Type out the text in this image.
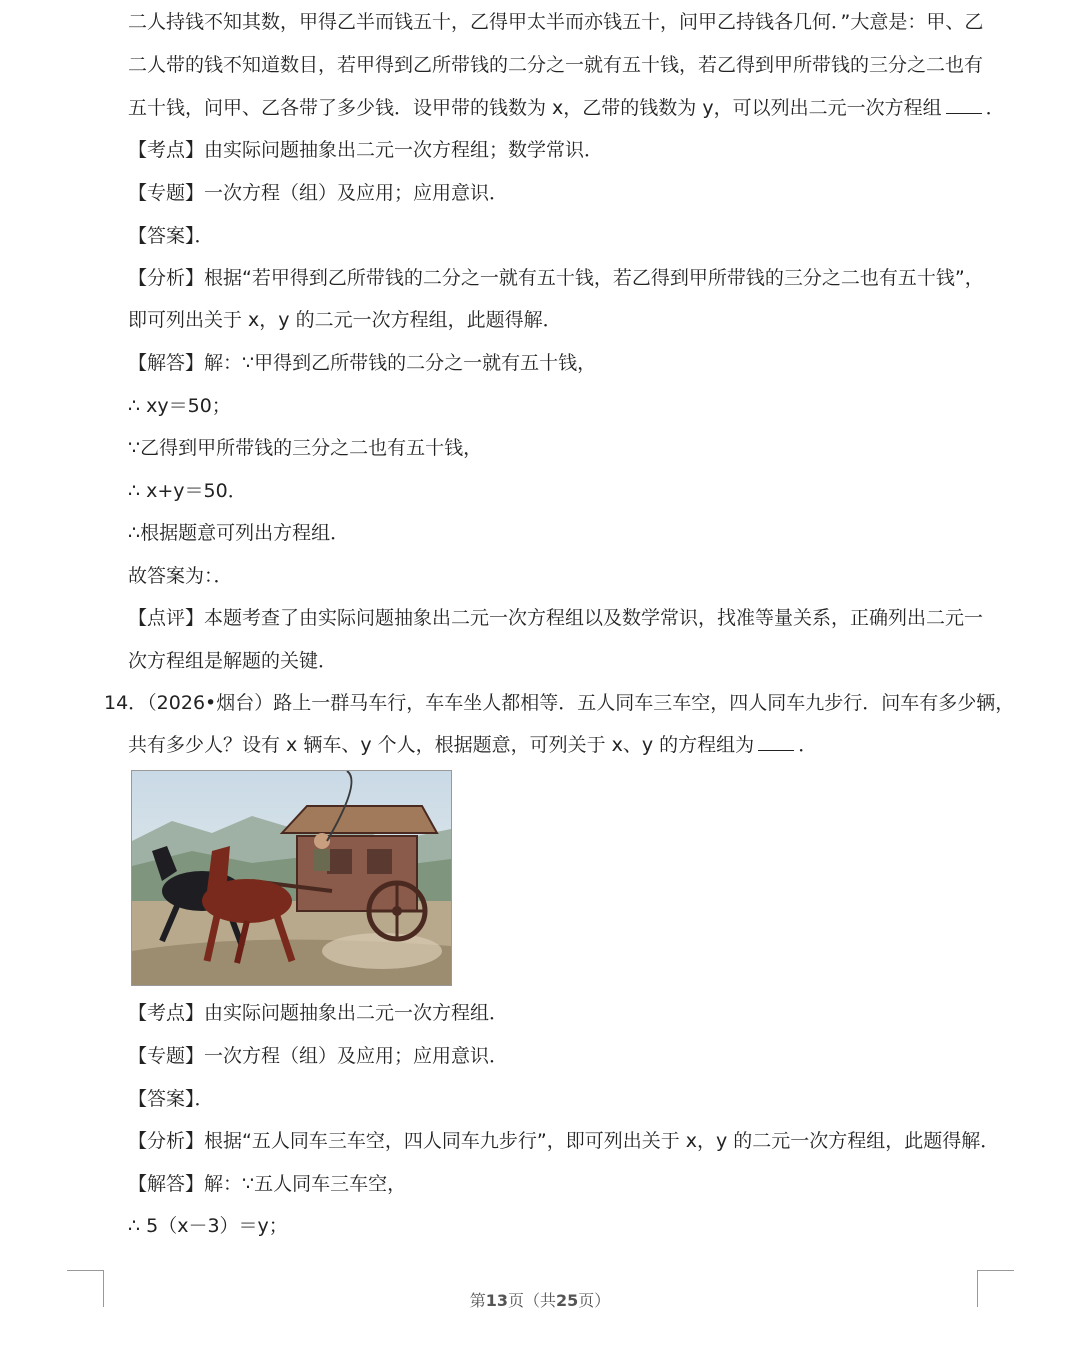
二人持钱不知其数，甲得乙半而钱五十，乙得甲太半而亦钱五十，问甲乙持钱各几何．”大意是：甲、乙
二人带的钱不知道数目，若甲得到乙所带钱的二分之一就有五十钱，若乙得到甲所带钱的三分之二也有
五十钱，问甲、乙各带了多少钱．设甲带的钱数为 x，乙带的钱数为 y，可以列出二元一次方程组 ．
【考点】由实际问题抽象出二元一次方程组；数学常识．
【专题】一次方程（组）及应用；应用意识．
【答案】．
【分析】根据“若甲得到乙所带钱的二分之一就有五十钱，若乙得到甲所带钱的三分之二也有五十钱”，
即可列出关于 x，y 的二元一次方程组，此题得解．
【解答】解：∵甲得到乙所带钱的二分之一就有五十钱，
∴ xy＝50；
∵乙得到甲所带钱的三分之二也有五十钱，
∴ x+y＝50．
∴根据题意可列出方程组．
故答案为：．
【点评】本题考查了由实际问题抽象出二元一次方程组以及数学常识，找准等量关系，正确列出二元一
次方程组是解题的关键．
14．（2026•烟台）路上一群马车行，车车坐人都相等．五人同车三车空，四人同车九步行．问车有多少辆，
共有多少人？设有 x 辆车、y 个人，根据题意，可列关于 x、y 的方程组为 ．
【考点】由实际问题抽象出二元一次方程组．
【专题】一次方程（组）及应用；应用意识．
【答案】．
【分析】根据“五人同车三车空，四人同车九步行”，即可列出关于 x，y 的二元一次方程组，此题得解．
【解答】解：∵五人同车三车空，
∴ 5（x－3）＝y；
第13页（共25页）
